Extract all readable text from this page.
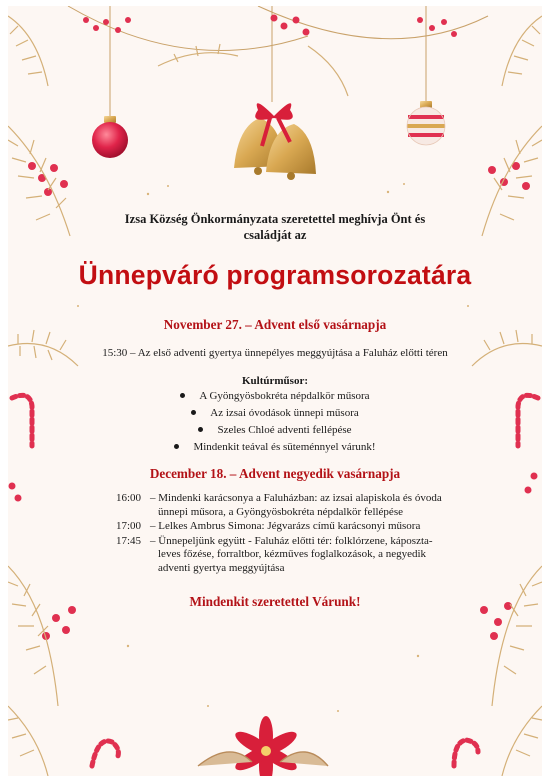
Izsa Község Önkormányzata szeretettel meghívja Önt és
családját az
Ünnepváró programsorozatára
November 27. – Advent első vasárnapja
15:30 – Az első adventi gyertya ünnepélyes meggyújtása a Faluház előtti téren
Kultúrműsor:
A Gyöngyösbokréta népdalkör műsora
Az izsai óvodások ünnepi műsora
Szeles Chloé adventi fellépése
Mindenkit teával és süteménnyel várunk!
December 18. – Advent negyedik vasárnapja
16:00 – Mindenki karácsonya a Faluházban: az izsai alapiskola és óvoda
ünnepi műsora, a Gyöngyösbokréta népdalkör fellépése
17:00 – Lelkes Ambrus Simona: Jégvarázs című karácsonyi műsora
17:45 – Ünnepeljünk együtt - Faluház előtti tér: folklórzene, káposzta-
leves főzése, forraltbor, kézműves foglalkozások, a negyedik
adventi gyertya meggyújtása
Mindenkit szeretettel Várunk!
